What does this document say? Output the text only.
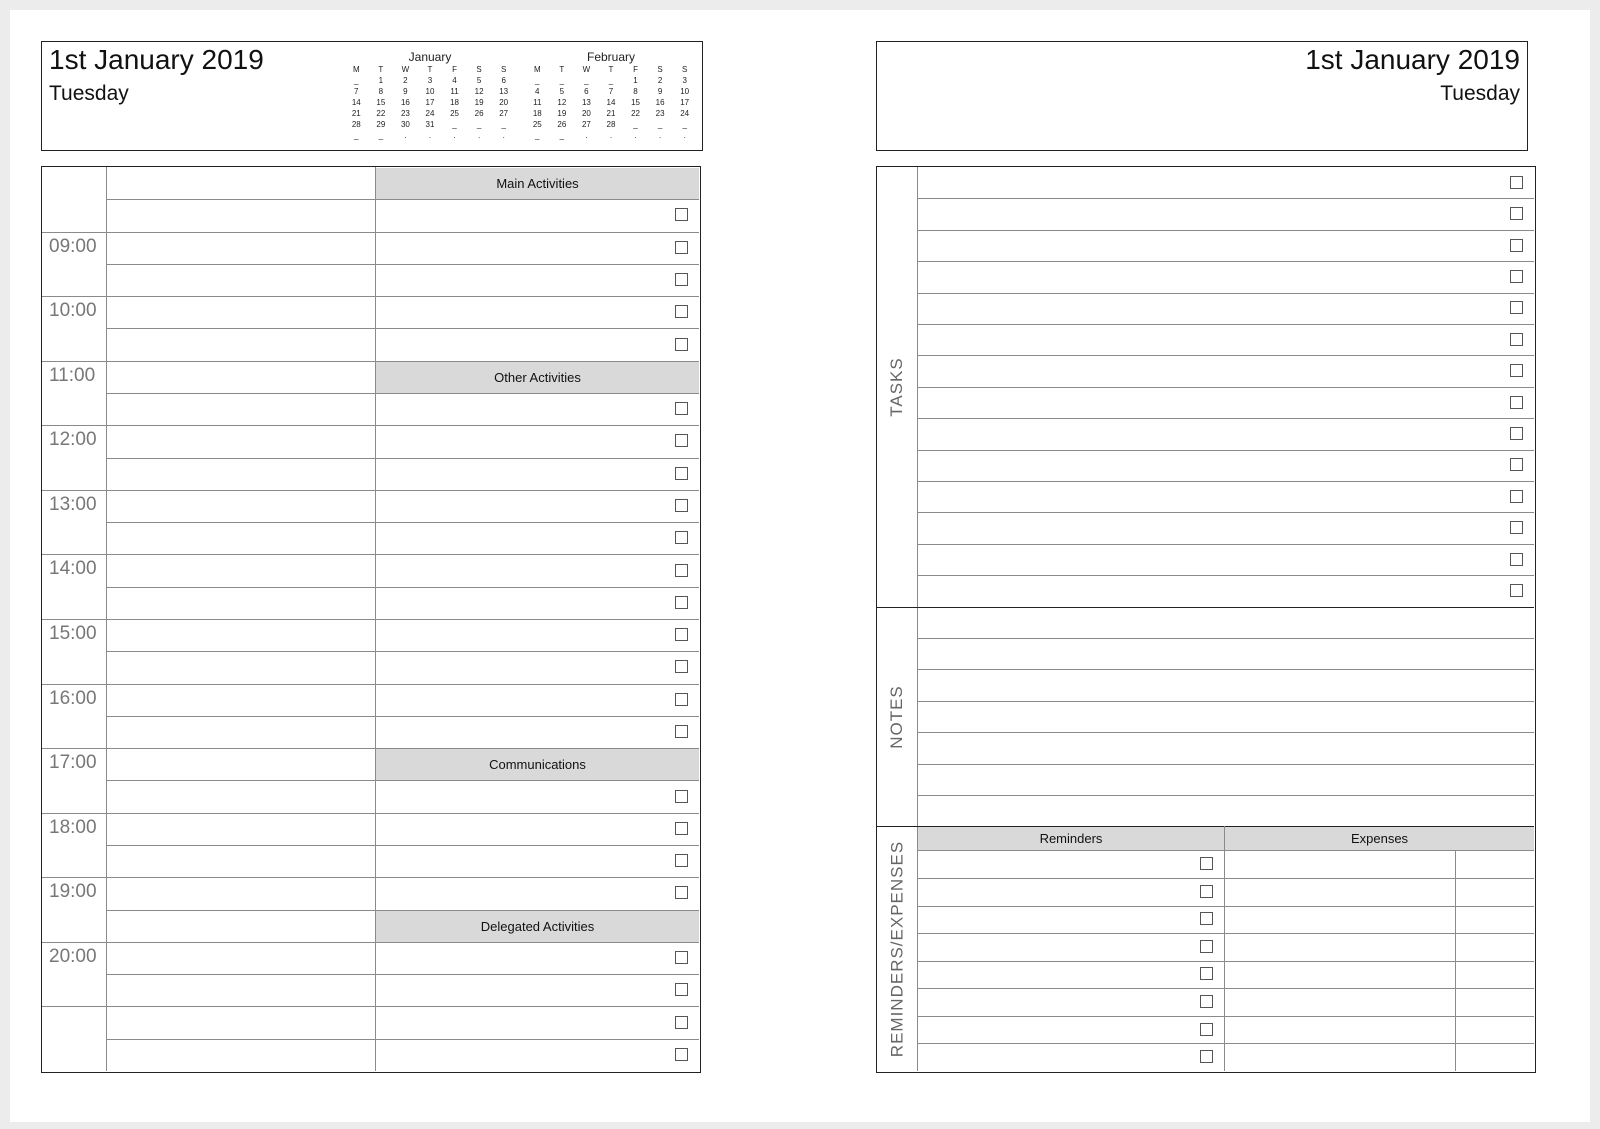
1st January 2019
Tuesday
January
M	T	W	T	F	S	S
_	1	2	3	4	5	6
7	8	9	10	11	12	13
14	15	16	17	18	19	20
21	22	23	24	25	26	27
28	29	30	31	_	_	_
_	_	.	.	.	.	.
February
M	T	W	T	F	S	S
_	_	_	_	1	2	3
4	5	6	7	8	9	10
11	12	13	14	15	16	17
18	19	20	21	22	23	24
25	26	27	28	_	_	_
_	_	.	.	.	.	.
1st January 2019
Tuesday
Main Activities
Other Activities
Communications
Delegated Activities
09:00
10:00
11:00
12:00
13:00
14:00
15:00
16:00
17:00
18:00
19:00
20:00
Reminders	Expenses
TASKS
NOTES
REMINDERS/EXPENSES
